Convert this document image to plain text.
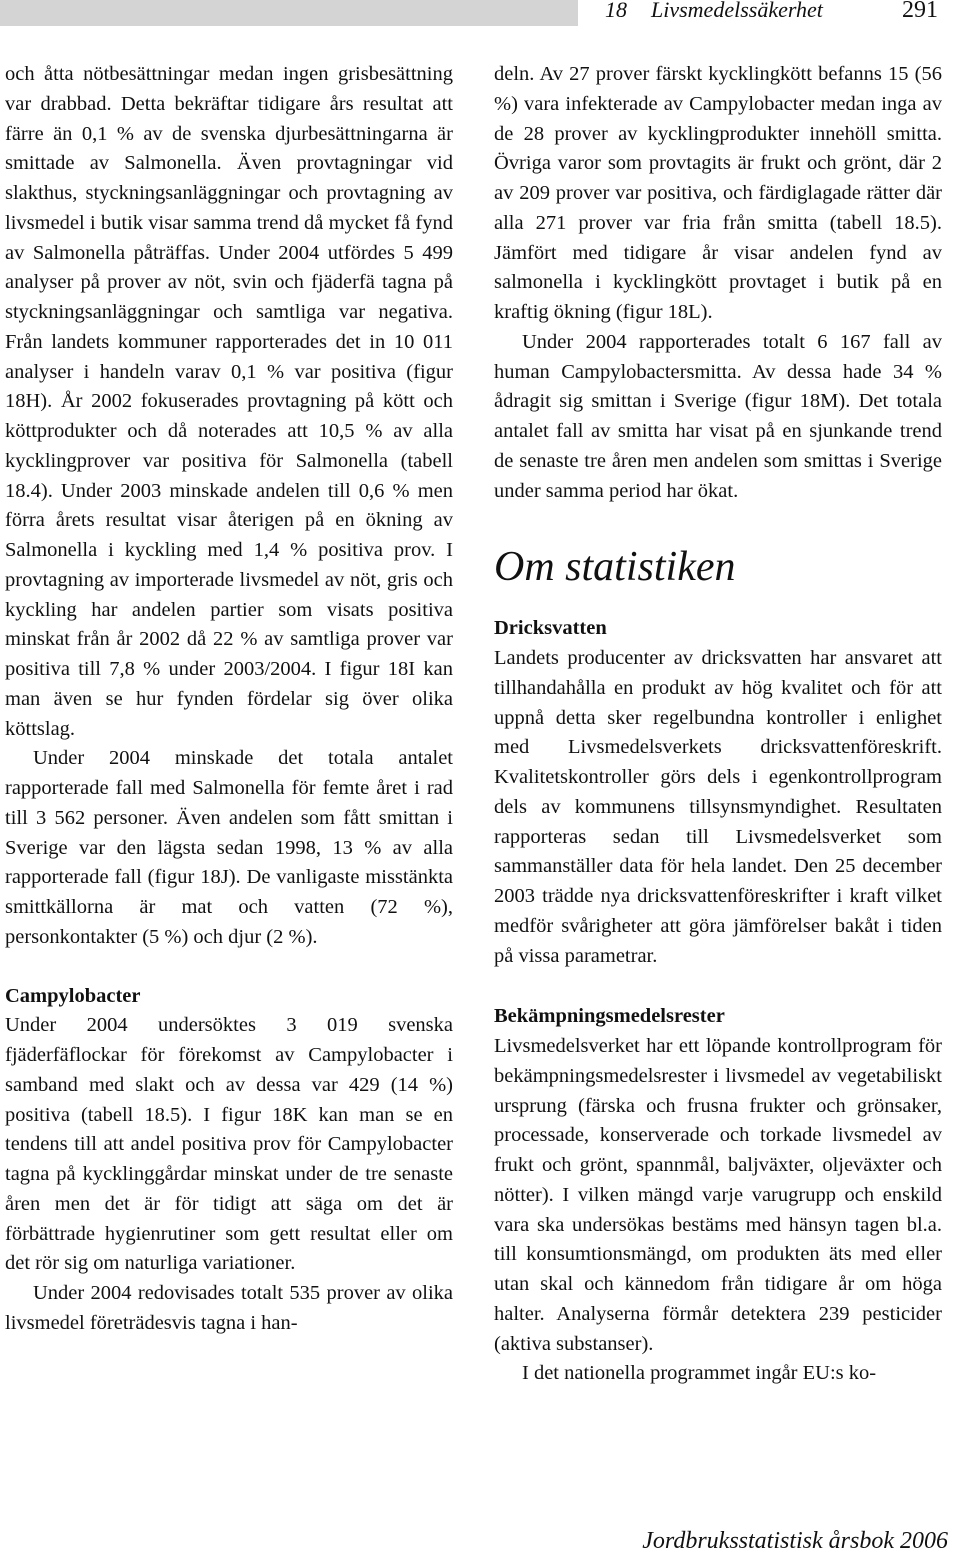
18 Livsmedelssäkerhet	291

och åtta nötbesättningar medan ingen grisbesättning var drabbad. Detta bekräftar tidigare års resultat att färre än 0,1 % av de svenska djurbesättningarna är smittade av Salmonella. Även provtagningar vid slakthus, styckningsanläggningar och provtagning av livsmedel i butik visar samma trend då mycket få fynd av Salmonella påträffas. Under 2004 utfördes 5 499 analyser på prover av nöt, svin och fjäderfä tagna på styckningsanläggningar och samtliga var negativa. Från landets kommuner rapporterades det in 10 011 analyser i handeln varav 0,1 % var positiva (figur 18H). År 2002 fokuserades provtagning på kött och köttprodukter och då noterades att 10,5 % av alla kycklingprover var positiva för Salmonella (tabell 18.4). Under 2003 minskade andelen till 0,6 % men förra årets resultat visar återigen på en ökning av Salmonella i kyckling med 1,4 % positiva prov. I provtagning av importerade livsmedel av nöt, gris och kyckling har andelen partier som visats positiva minskat från år 2002 då 22 % av samtliga prover var positiva till 7,8 % under 2003/2004. I figur 18I kan man även se hur fynden fördelar sig över olika köttslag.

Under 2004 minskade det totala antalet rapporterade fall med Salmonella för femte året i rad till 3 562 personer. Även andelen som fått smittan i Sverige var den lägsta sedan 1998, 13 % av alla rapporterade fall (figur 18J). De vanligaste misstänkta smittkällorna är mat och vatten (72 %), personkontakter (5 %) och djur (2 %).

Campylobacter

Under 2004 undersöktes 3 019 svenska fjäderfäflockar för förekomst av Campylobacter i samband med slakt och av dessa var 429 (14 %) positiva (tabell 18.5). I figur 18K kan man se en tendens till att andel positiva prov för Campylobacter tagna på kycklinggårdar minskat under de tre senaste åren men det är för tidigt att säga om det är förbättrade hygienrutiner som gett resultat eller om det rör sig om naturliga variationer.

Under 2004 redovisades totalt 535 prover av olika livsmedel företrädesvis tagna i han-

deln. Av 27 prover färskt kycklingkött befanns 15 (56 %) vara infekterade av Campylobacter medan inga av de 28 prover av kycklingprodukter innehöll smitta. Övriga varor som provtagits är frukt och grönt, där 2 av 209 prover var positiva, och färdiglagade rätter där alla 271 prover var fria från smitta (tabell 18.5). Jämfört med tidigare år visar andelen fynd av salmonella i kycklingkött provtaget i butik på en kraftig ökning (figur 18L).

Under 2004 rapporterades totalt 6 167 fall av human Campylobactersmitta. Av dessa hade 34 % ådragit sig smittan i Sverige (figur 18M). Det totala antalet fall av smitta har visat på en sjunkande trend de senaste tre åren men andelen som smittas i Sverige under samma period har ökat.

Om statistiken
Dricksvatten

Landets producenter av dricksvatten har ansvaret att tillhandahålla en produkt av hög kvalitet och för att uppnå detta sker regelbundna kontroller i enlighet med Livsmedelsverkets dricksvattenföreskrift. Kvalitetskontroller görs dels i egenkontrollprogram dels av kommunens tillsynsmyndighet. Resultaten rapporteras sedan till Livsmedelsverket som sammanställer data för hela landet. Den 25 december 2003 trädde nya dricksvattenföreskrifter i kraft vilket medför svårigheter att göra jämförelser bakåt i tiden på vissa parametrar.

Bekämpningsmedelsrester

Livsmedelsverket har ett löpande kontrollprogram för bekämpningsmedelsrester i livsmedel av vegetabiliskt ursprung (färska och frusna frukter och grönsaker, processade, konserverade och torkade livsmedel av frukt och grönt, spannmål, baljväxter, oljeväxter och nötter). I vilken mängd varje varugrupp och enskild vara ska undersökas bestäms med hänsyn tagen bl.a. till konsumtionsmängd, om produkten äts med eller utan skal och kännedom från tidigare år om höga halter. Analyserna förmår detektera 239 pesticider (aktiva substanser).

I det nationella programmet ingår EU:s ko-

Jordbruksstatistisk årsbok 2006
